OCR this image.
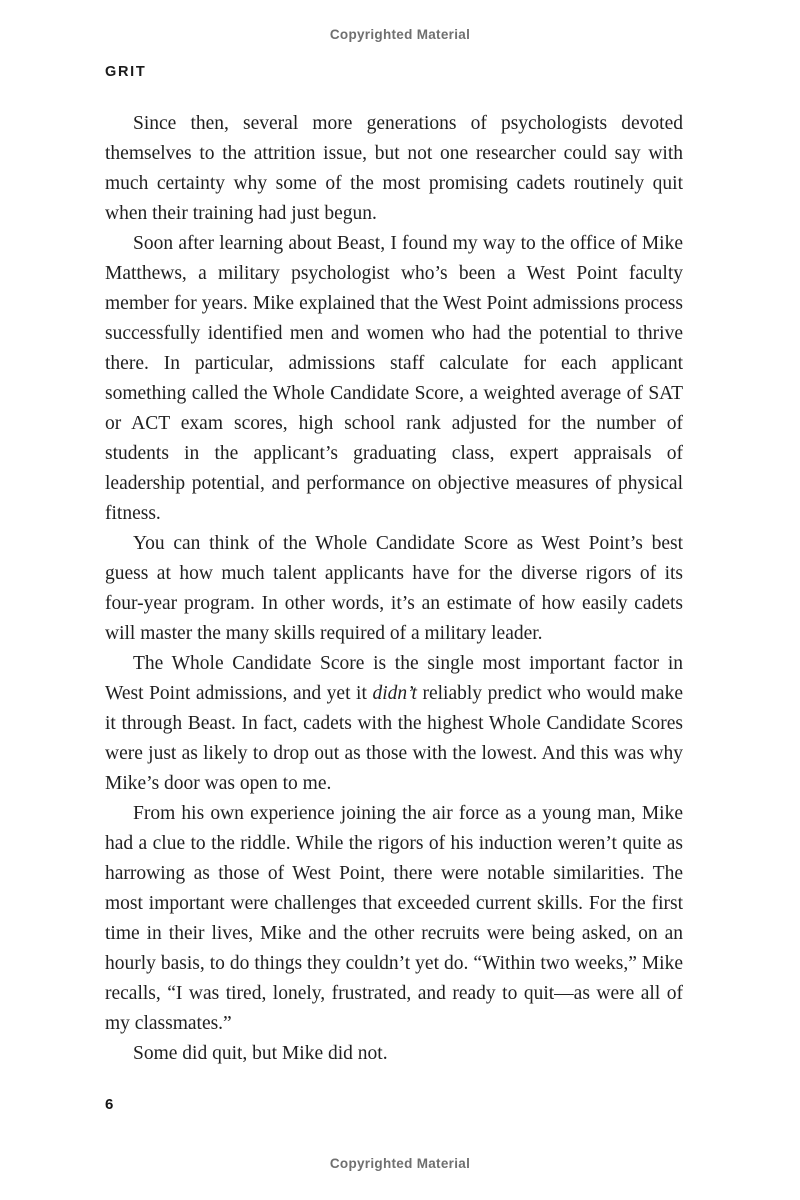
Copyrighted Material
GRIT

Since then, several more generations of psychologists devoted themselves to the attrition issue, but not one researcher could say with much certainty why some of the most promising cadets routinely quit when their training had just begun.

Soon after learning about Beast, I found my way to the office of Mike Matthews, a military psychologist who’s been a West Point faculty member for years. Mike explained that the West Point admissions process successfully identified men and women who had the potential to thrive there. In particular, admissions staff calculate for each applicant something called the Whole Candidate Score, a weighted average of SAT or ACT exam scores, high school rank adjusted for the number of students in the applicant’s graduating class, expert appraisals of leadership potential, and performance on objective measures of physical fitness.

You can think of the Whole Candidate Score as West Point’s best guess at how much talent applicants have for the diverse rigors of its four-year program. In other words, it’s an estimate of how easily cadets will master the many skills required of a military leader.

The Whole Candidate Score is the single most important factor in West Point admissions, and yet it didn’t reliably predict who would make it through Beast. In fact, cadets with the highest Whole Candidate Scores were just as likely to drop out as those with the lowest. And this was why Mike’s door was open to me.

From his own experience joining the air force as a young man, Mike had a clue to the riddle. While the rigors of his induction weren’t quite as harrowing as those of West Point, there were notable similarities. The most important were challenges that exceeded current skills. For the first time in their lives, Mike and the other recruits were being asked, on an hourly basis, to do things they couldn’t yet do. “Within two weeks,” Mike recalls, “I was tired, lonely, frustrated, and ready to quit—as were all of my classmates.”

Some did quit, but Mike did not.

6
Copyrighted Material
